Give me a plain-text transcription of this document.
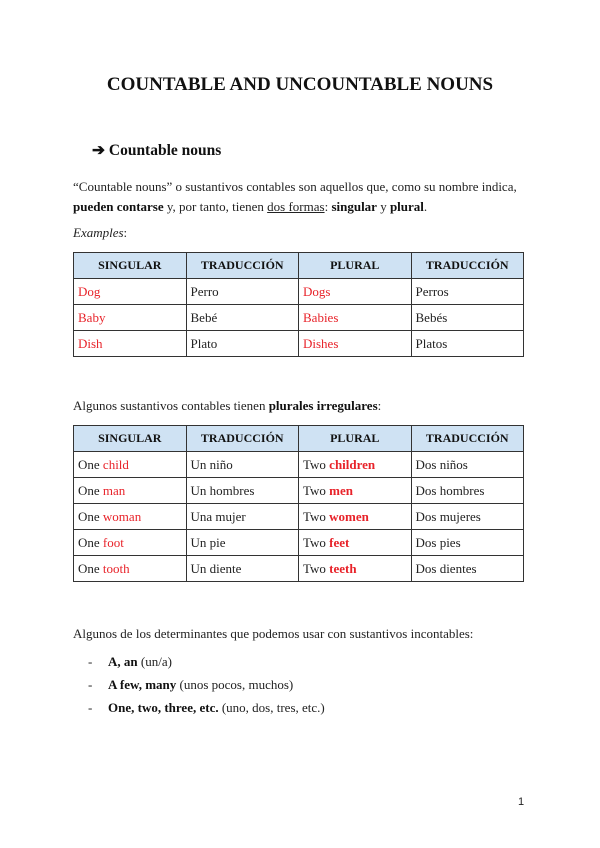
COUNTABLE AND UNCOUNTABLE NOUNS
➔ Countable nouns
“Countable nouns” o sustantivos contables son aquellos que, como su nombre indica, pueden contarse y, por tanto, tienen dos formas: singular y plural.
Examples:
SINGULAR	TRADUCCIÓN	PLURAL	TRADUCCIÓN
Dog	Perro	Dogs	Perros
Baby	Bebé	Babies	Bebés
Dish	Plato	Dishes	Platos
Algunos sustantivos contables tienen plurales irregulares:
SINGULAR	TRADUCCIÓN	PLURAL	TRADUCCIÓN
One child	Un niño	Two children	Dos niños
One man	Un hombres	Two men	Dos hombres
One woman	Una mujer	Two women	Dos mujeres
One foot	Un pie	Two feet	Dos pies
One tooth	Un diente	Two teeth	Dos dientes
Algunos de los determinantes que podemos usar con sustantivos incontables:
- A, an (un/a)
- A few, many (unos pocos, muchos)
- One, two, three, etc. (uno, dos, tres, etc.)
1
